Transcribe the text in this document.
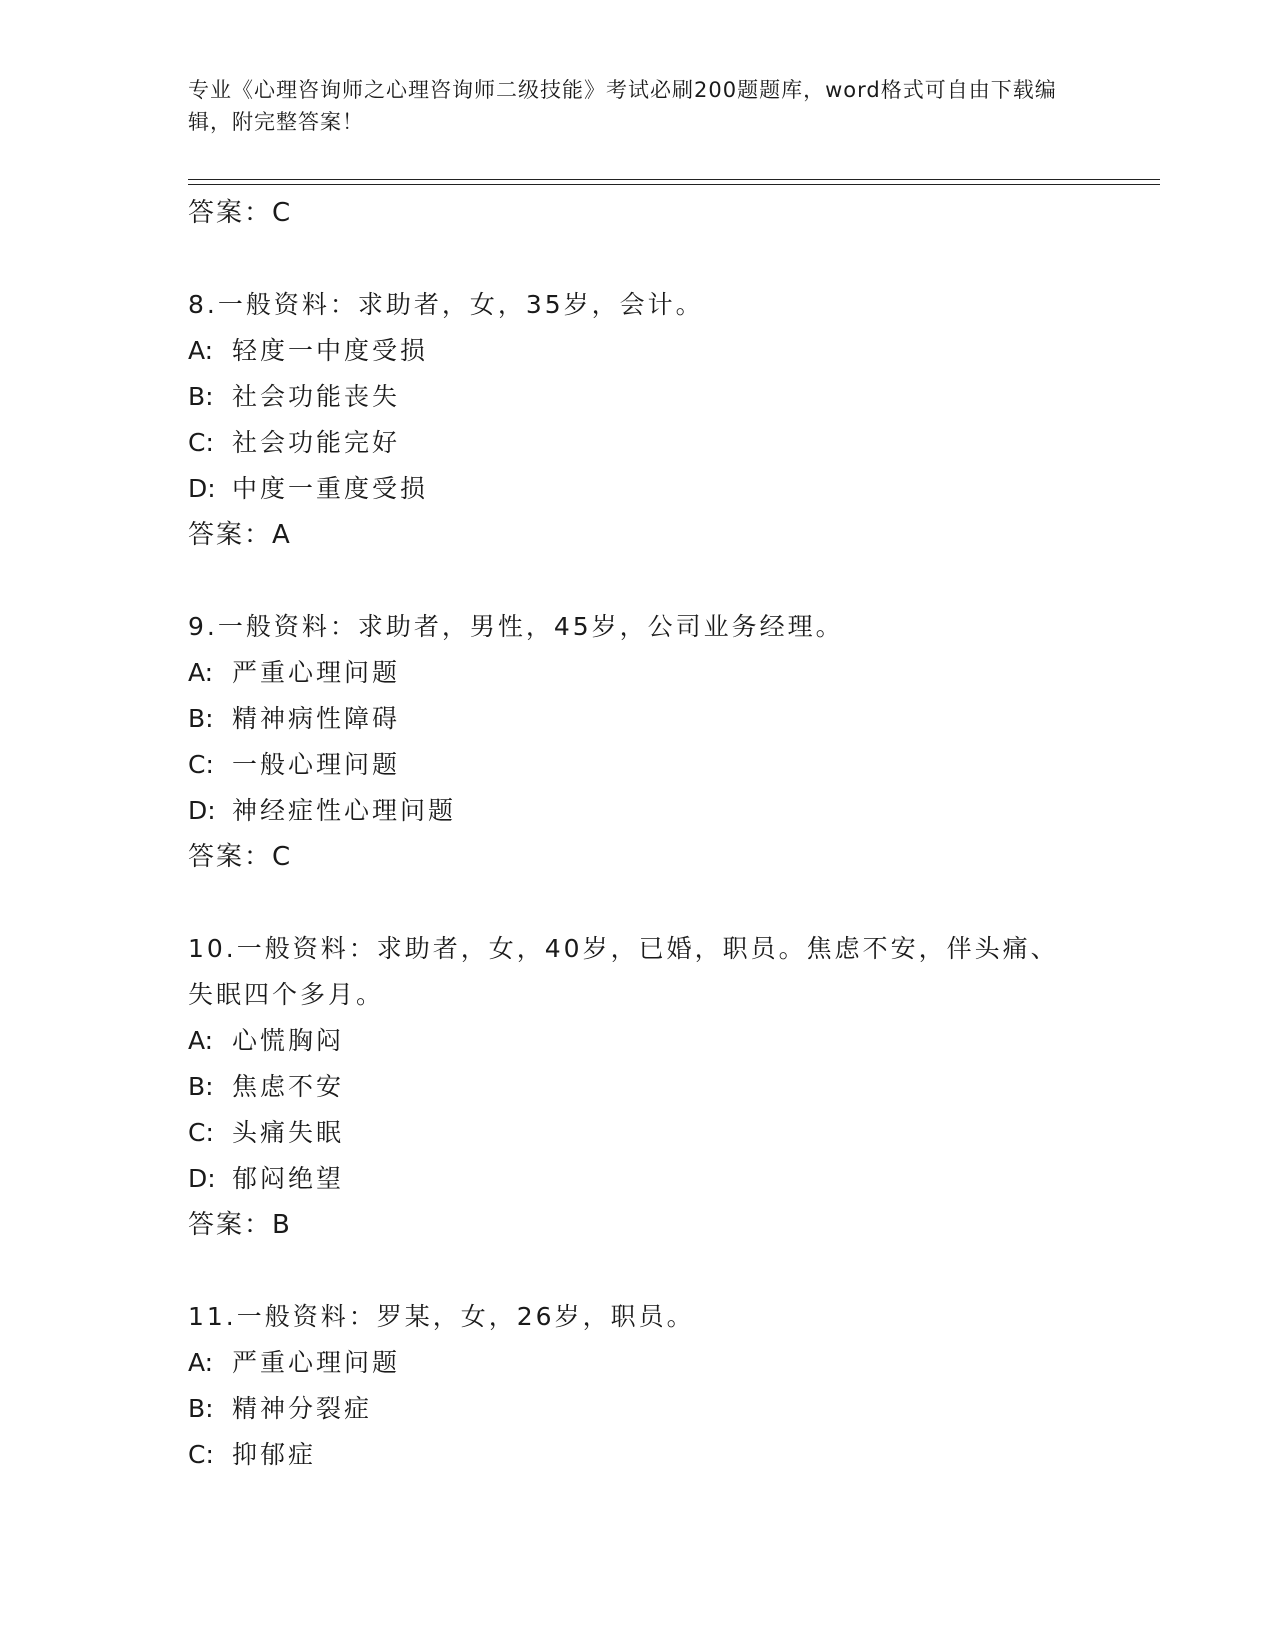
专业《心理咨询师之心理咨询师二级技能》考试必刷200题题库，word格式可自由下载编辑，附完整答案！
答案：C
8.一般资料：求助者，女，35岁，会计。
A: 轻度一中度受损
B: 社会功能丧失
C: 社会功能完好
D: 中度一重度受损
答案：A
9.一般资料：求助者，男性，45岁，公司业务经理。
A: 严重心理问题
B: 精神病性障碍
C: 一般心理问题
D: 神经症性心理问题
答案：C
10.一般资料：求助者，女，40岁，已婚，职员。焦虑不安，伴头痛、失眠四个多月。
A: 心慌胸闷
B: 焦虑不安
C: 头痛失眠
D: 郁闷绝望
答案：B
11.一般资料：罗某，女，26岁，职员。
A: 严重心理问题
B: 精神分裂症
C: 抑郁症
